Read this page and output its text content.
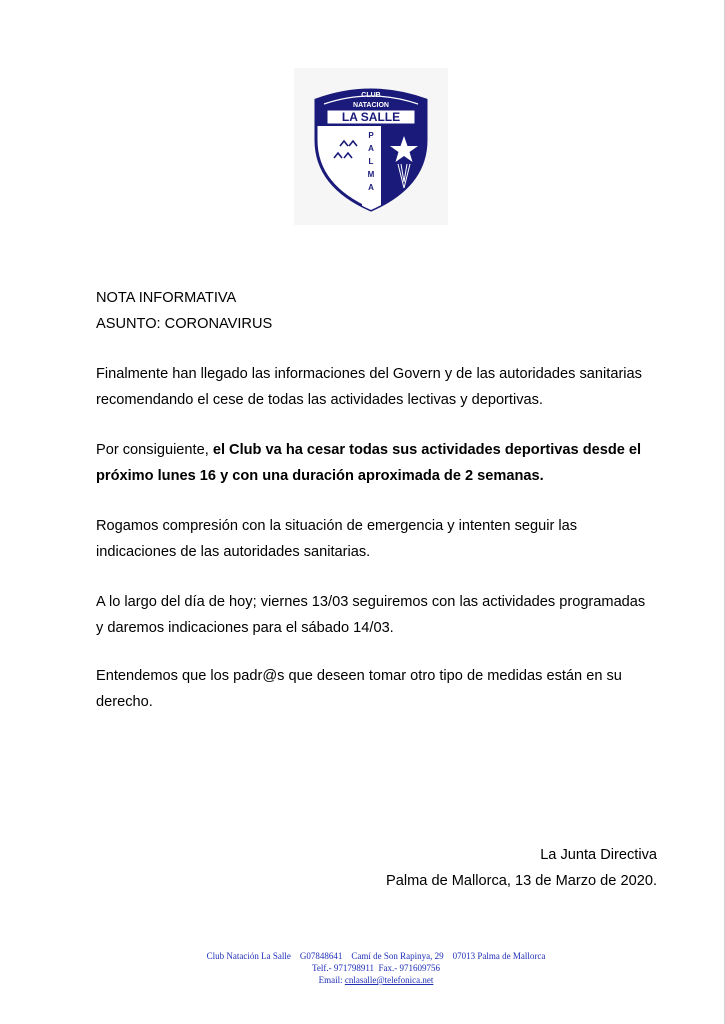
LA SALLE
CLUB
NATACION
P
A
L
M
A
NOTA INFORMATIVA
ASUNTO: CORONAVIRUS
Finalmente han llegado las informaciones del Govern y de las autoridades sanitarias
recomendando el cese de todas las actividades lectivas y deportivas.
Por consiguiente, el Club va ha cesar todas sus actividades deportivas desde el
próximo lunes 16 y con una duración aproximada de 2 semanas.
Rogamos compresión con la situación de emergencia y intenten seguir las
indicaciones de las autoridades sanitarias.
A lo largo del día de hoy; viernes 13/03 seguiremos con las actividades programadas
y daremos indicaciones para el sábado 14/03.
Entendemos que los padr@s que deseen tomar otro tipo de medidas están en su
derecho.
La Junta Directiva
Palma de Mallorca, 13 de Marzo de 2020.
Club Natación La Salle    G07848641    Camí de Son Rapinya, 29    07013 Palma de Mallorca
Telf.- 971798911  Fax.- 971609756
Email: cnlasalle@telefonica.net
